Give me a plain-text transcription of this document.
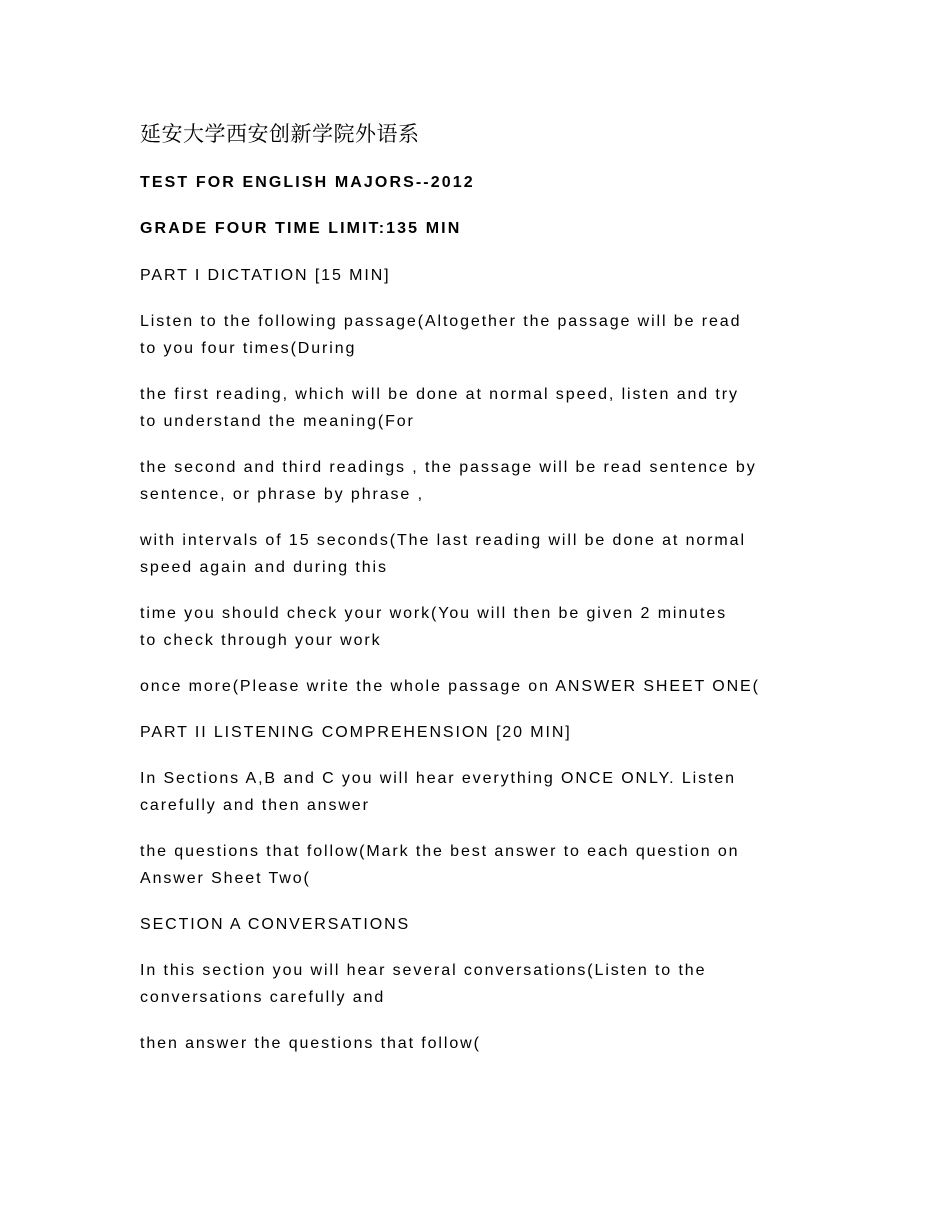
延安大学西安创新学院外语系
TEST FOR ENGLISH MAJORS--2012
GRADE FOUR TIME LIMIT:135 MIN
PART I DICTATION [15 MIN]
Listen to the following passage(Altogether the passage will be read
to you four times(During
the first reading, which will be done at normal speed, listen and try
to understand the meaning(For
the second and third readings , the passage will be read sentence by
sentence, or phrase by phrase ,
with intervals of 15 seconds(The last reading will be done at normal
speed again and during this
time you should check your work(You will then be given 2 minutes
to check through your work
once more(Please write the whole passage on ANSWER SHEET ONE(
PART II LISTENING COMPREHENSION [20 MIN]
In Sections A,B and C you will hear everything ONCE ONLY. Listen
carefully and then answer
the questions that follow(Mark the best answer to each question on
Answer Sheet Two(
SECTION A CONVERSATIONS
In this section you will hear several conversations(Listen to the
conversations carefully and
then answer the questions that follow(
